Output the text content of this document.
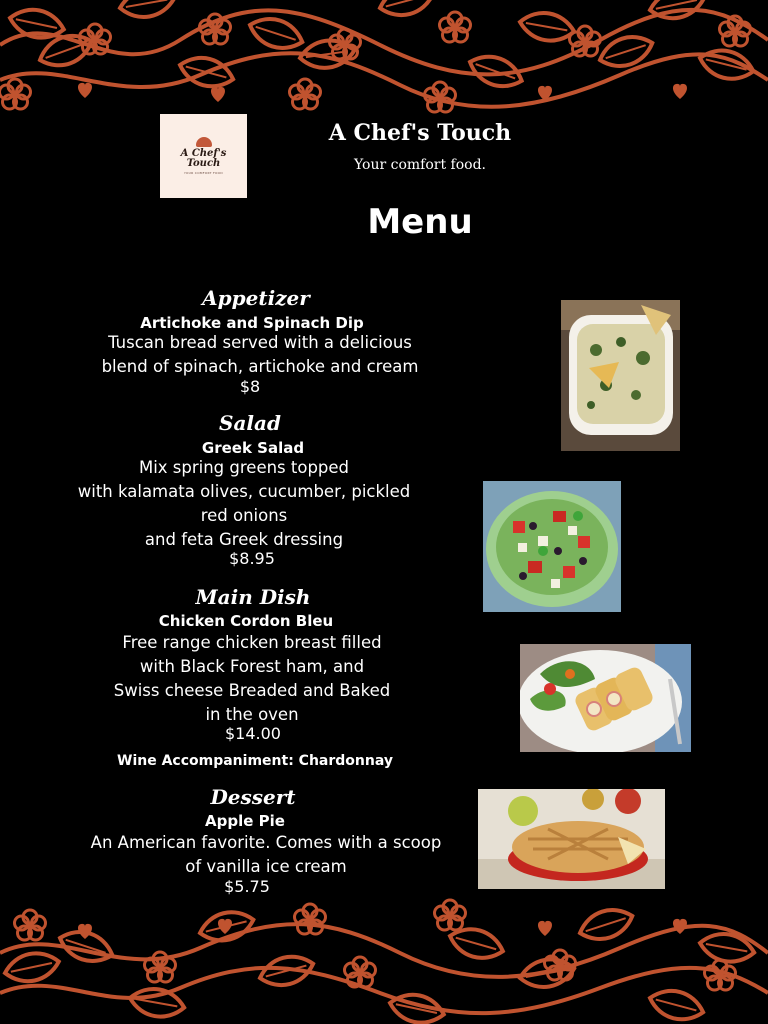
A Chef's
Touch
YOUR COMFORT FOOD
A Chef's Touch
Your comfort food.
Menu
Appetizer
Artichoke and Spinach Dip
Tuscan bread served with a delicious
blend of spinach, artichoke and cream
$8
Salad
Greek Salad
Mix spring greens topped
with kalamata olives, cucumber, pickled
red onions
and feta Greek dressing
$8.95
Main Dish
Chicken Cordon Bleu
Free range chicken breast filled
with Black Forest ham, and
Swiss cheese Breaded and Baked
in the oven
$14.00
Wine Accompaniment: Chardonnay
Dessert
Apple Pie
An American favorite. Comes with a scoop
of vanilla ice cream
$5.75
